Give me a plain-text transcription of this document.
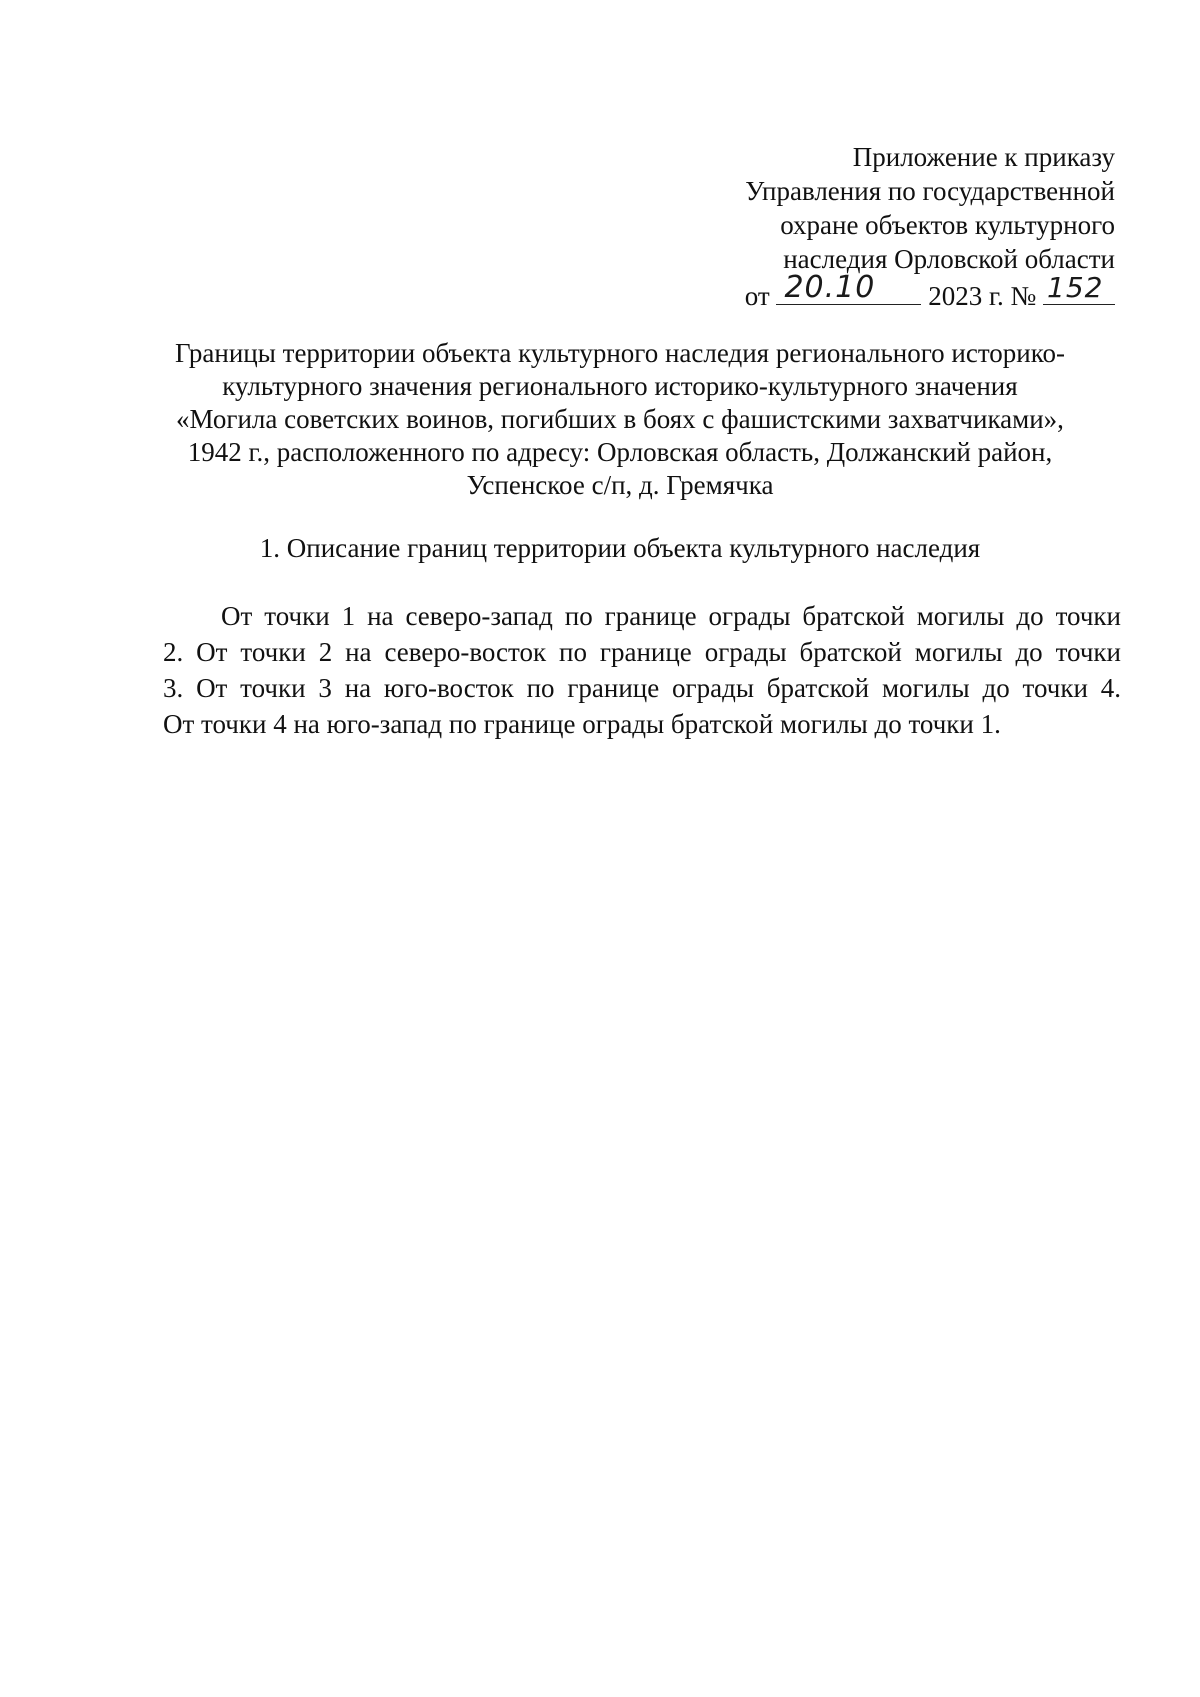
Приложение к приказу
Управления по государственной
охране объектов культурного
наследия Орловской области
от 20.10 2023 г. № 152
Границы территории объекта культурного наследия регионального историко-
культурного значения регионального историко-культурного значения
«Могила советских воинов, погибших в боях с фашистскими захватчиками»,
1942 г., расположенного по адресу: Орловская область, Должанский район,
Успенское с/п, д. Гремячка
1. Описание границ территории объекта культурного наследия
От точки 1 на северо-запад по границе ограды братской могилы до точки
2. От точки 2 на северо-восток по границе ограды братской могилы до точки
3. От точки 3 на юго-восток по границе ограды братской могилы до точки 4.
От точки 4 на юго-запад по границе ограды братской могилы до точки 1.
